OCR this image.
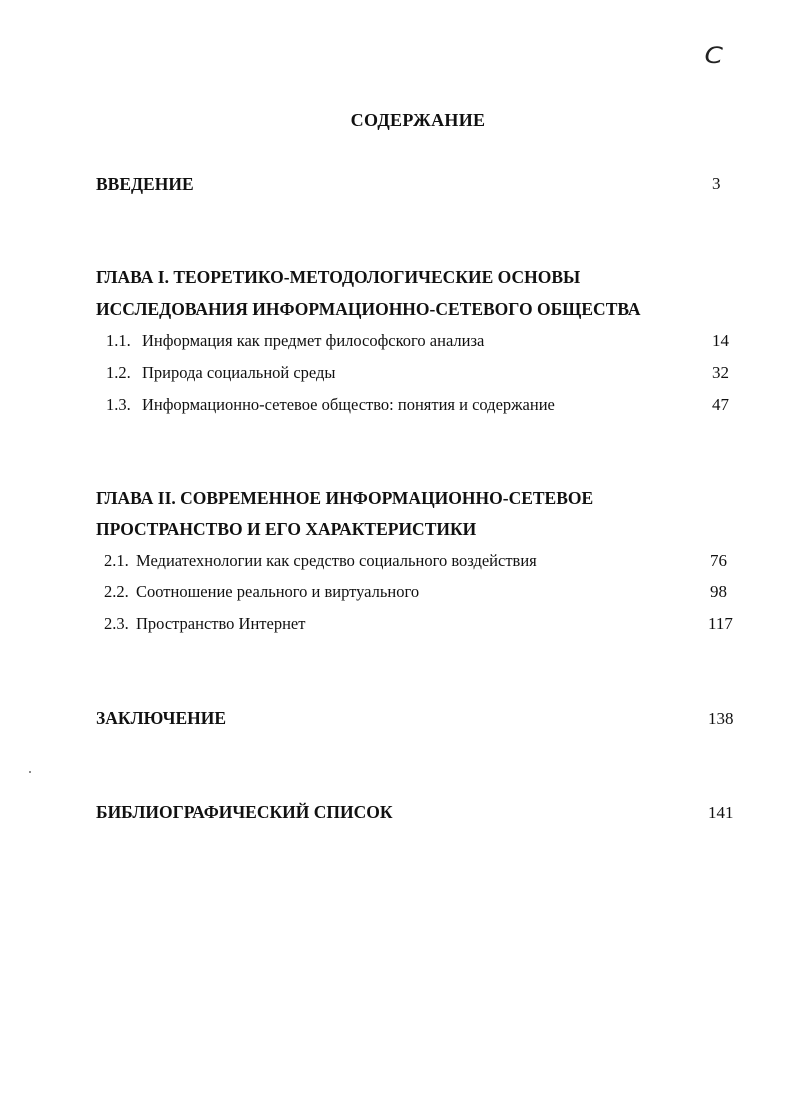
C
СОДЕРЖАНИЕ
ВВЕДЕНИЕ	3
ГЛАВА I. ТЕОРЕТИКО-МЕТОДОЛОГИЧЕСКИЕ ОСНОВЫ
ИССЛЕДОВАНИЯ ИНФОРМАЦИОННО-СЕТЕВОГО ОБЩЕСТВА
1.1. Информация как предмет философского анализа	14
1.2. Природа социальной среды	32
1.3. Информационно-сетевое общество: понятия и содержание	47
ГЛАВА II. СОВРЕМЕННОЕ ИНФОРМАЦИОННО-СЕТЕВОЕ
ПРОСТРАНСТВО И ЕГО ХАРАКТЕРИСТИКИ
2.1. Медиатехнологии как средство социального воздействия	76
2.2. Соотношение реального и виртуального	98
2.3. Пространство Интернет	117
ЗАКЛЮЧЕНИЕ	138
БИБЛИОГРАФИЧЕСКИЙ СПИСОК	141
